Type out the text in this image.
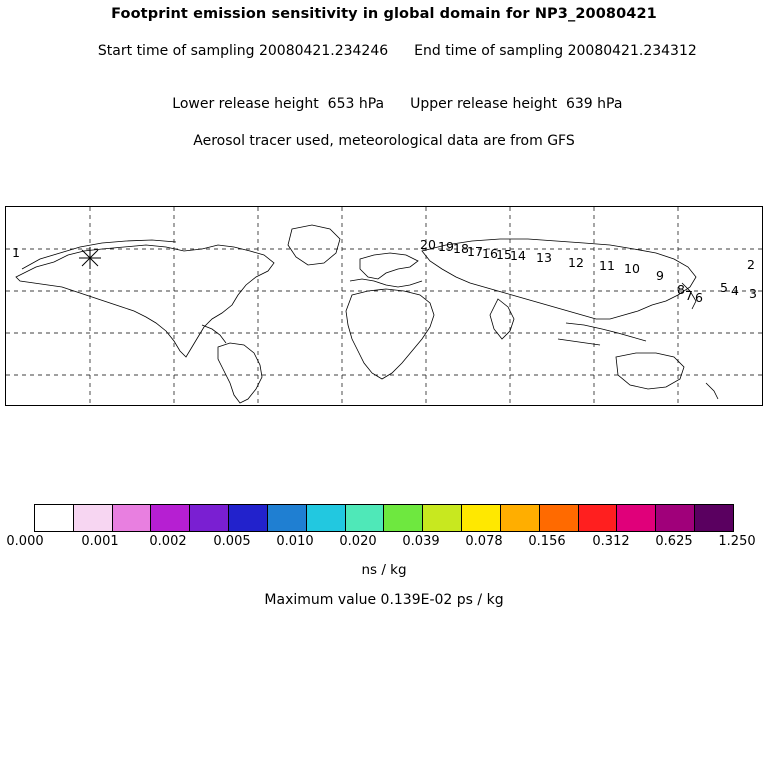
Footprint emission sensitivity in global domain for NP3_20080421

Start time of sampling 20080421.234246 End time of sampling 20080421.234312

Lower release height  653 hPa Upper release height  639 hPa

Aerosol tracer used, meteorological data are from GFS
1
20 19 18
17 16
15
14 13 12 11 10 9
8 7 6
5 4 3
2
0.000	0.001 0.002 0.005 0.010 0.020 0.039 0.078 0.156 0.312 0.625 1.250
ns / kg
Maximum value 0.139E-02 ps / kg
